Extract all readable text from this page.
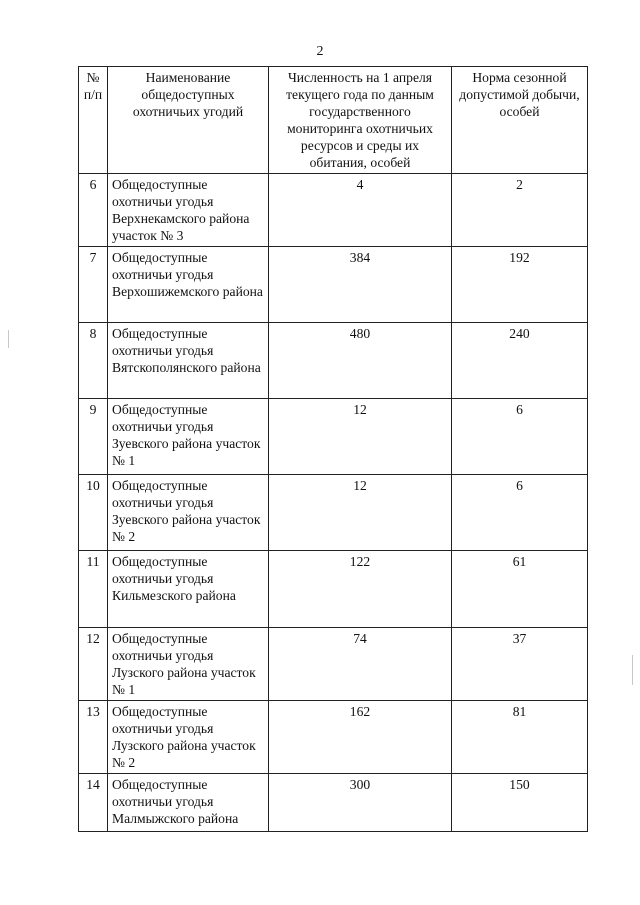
2
№ п/п	Наименование общедоступных охотничьих угодий	Численность на 1 апреля текущего года по данным государственного мониторинга охотничьих ресурсов и среды их обитания, особей	Норма сезонной допустимой добычи, особей
6	Общедоступные охотничьи угодья Верхнекамского района участок № 3	4	2
7	Общедоступные охотничьи угодья Верхошижемского района	384	192
8	Общедоступные охотничьи угодья Вятскополянского района	480	240
9	Общедоступные охотничьи угодья Зуевского района участок № 1	12	6
10	Общедоступные охотничьи угодья Зуевского района участок № 2	12	6
11	Общедоступные охотничьи угодья Кильмезского района	122	61
12	Общедоступные охотничьи угодья Лузского района участок № 1	74	37
13	Общедоступные охотничьи угодья Лузского района участок № 2	162	81
14	Общедоступные охотничьи угодья Малмыжского района	300	150
